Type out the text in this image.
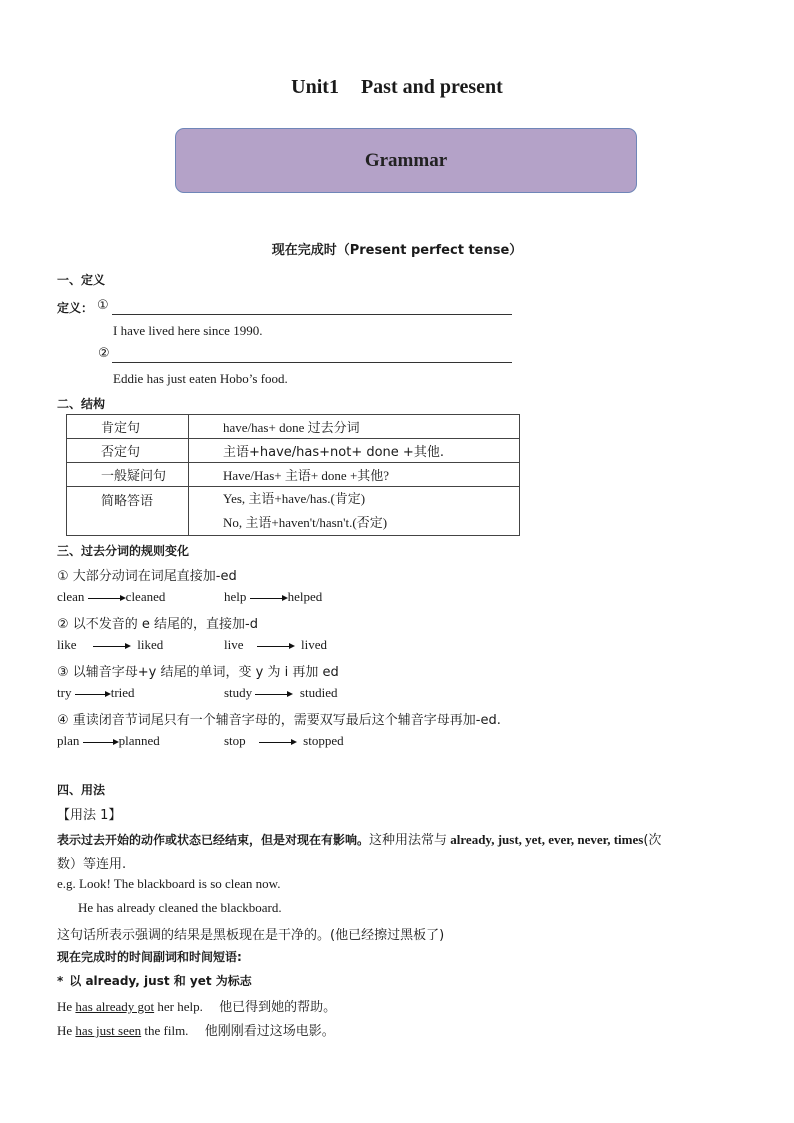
Unit1 Past and present
Grammar
现在完成时（Present perfect tense）
一、定义
定义： ①
I have lived here since 1990.
②
Eddie has just eaten Hobo’s food.
二、结构
肯定句	have/has+ done 过去分词
否定句	主语+have/has+not+ done +其他.
一般疑问句	Have/Has+ 主语+ done +其他?
简略答语	Yes, 主语+have/has.(肯定)
No, 主语+haven't/hasn't.(否定)
三、过去分词的规则变化
① 大部分动词在词尾直接加-ed
clean	cleaned	help	helped
② 以不发音的 e 结尾的，直接加-d
like	liked	live	lived
③ 以辅音字母+y 结尾的单词，变 y 为 i 再加 ed
try	tried	study	studied
④ 重读闭音节词尾只有一个辅音字母的，需要双写最后这个辅音字母再加-ed.
plan	planned	stop	stopped
四、用法
【用法 1】
表示过去开始的动作或状态已经结束，但是对现在有影响。这种用法常与 already, just, yet, ever, never, times(次
数）等连用.
e.g. Look! The blackboard is so clean now.
He has already cleaned the blackboard.
这句话所表示强调的结果是黑板现在是干净的。(他已经擦过黑板了)
现在完成时的时间副词和时间短语:
* 以 already, just 和 yet 为标志
He has already got her help. 他已得到她的帮助。
He has just seen the film. 他刚刚看过这场电影。
